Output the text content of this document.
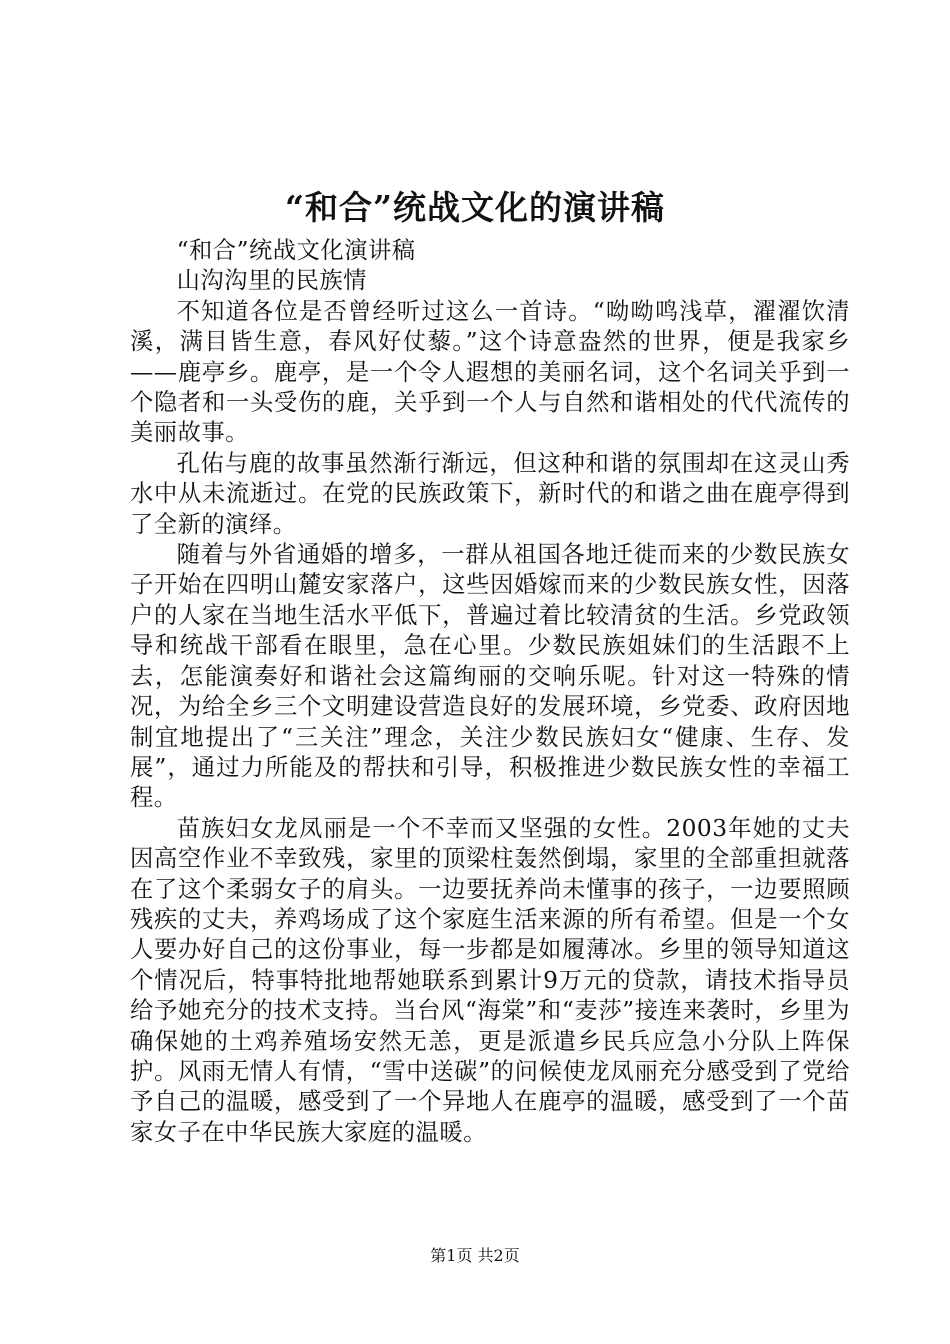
“和合”统战文化的演讲稿

“和合”统战文化演讲稿

山沟沟里的民族情

不知道各位是否曾经听过这么一首诗。“呦呦鸣浅草，濯濯饮清溪，满目皆生意，春风好仗藜。”这个诗意盎然的世界，便是我家乡——鹿亭乡。鹿亭，是一个令人遐想的美丽名词，这个名词关乎到一个隐者和一头受伤的鹿，关乎到一个人与自然和谐相处的代代流传的美丽故事。

孔佑与鹿的故事虽然渐行渐远，但这种和谐的氛围却在这灵山秀水中从未流逝过。在党的民族政策下，新时代的和谐之曲在鹿亭得到了全新的演绎。

随着与外省通婚的增多，一群从祖国各地迁徙而来的少数民族女子开始在四明山麓安家落户，这些因婚嫁而来的少数民族女性，因落户的人家在当地生活水平低下，普遍过着比较清贫的生活。乡党政领导和统战干部看在眼里，急在心里。少数民族姐妹们的生活跟不上去，怎能演奏好和谐社会这篇绚丽的交响乐呢。针对这一特殊的情况，为给全乡三个文明建设营造良好的发展环境，乡党委、政府因地制宜地提出了“三关注”理念，关注少数民族妇女“健康、生存、发展”，通过力所能及的帮扶和引导，积极推进少数民族女性的幸福工程。

苗族妇女龙凤丽是一个不幸而又坚强的女性。2003年她的丈夫因高空作业不幸致残，家里的顶梁柱轰然倒塌，家里的全部重担就落在了这个柔弱女子的肩头。一边要抚养尚未懂事的孩子，一边要照顾残疾的丈夫，养鸡场成了这个家庭生活来源的所有希望。但是一个女人要办好自己的这份事业，每一步都是如履薄冰。乡里的领导知道这个情况后，特事特批地帮她联系到累计9万元的贷款，请技术指导员给予她充分的技术支持。当台风“海棠”和“麦莎”接连来袭时，乡里为确保她的土鸡养殖场安然无恙，更是派遣乡民兵应急小分队上阵保护。风雨无情人有情，“雪中送碳”的问候使龙凤丽充分感受到了党给予自己的温暖，感受到了一个异地人在鹿亭的温暖，感受到了一个苗家女子在中华民族大家庭的温暖。

第1页 共2页
